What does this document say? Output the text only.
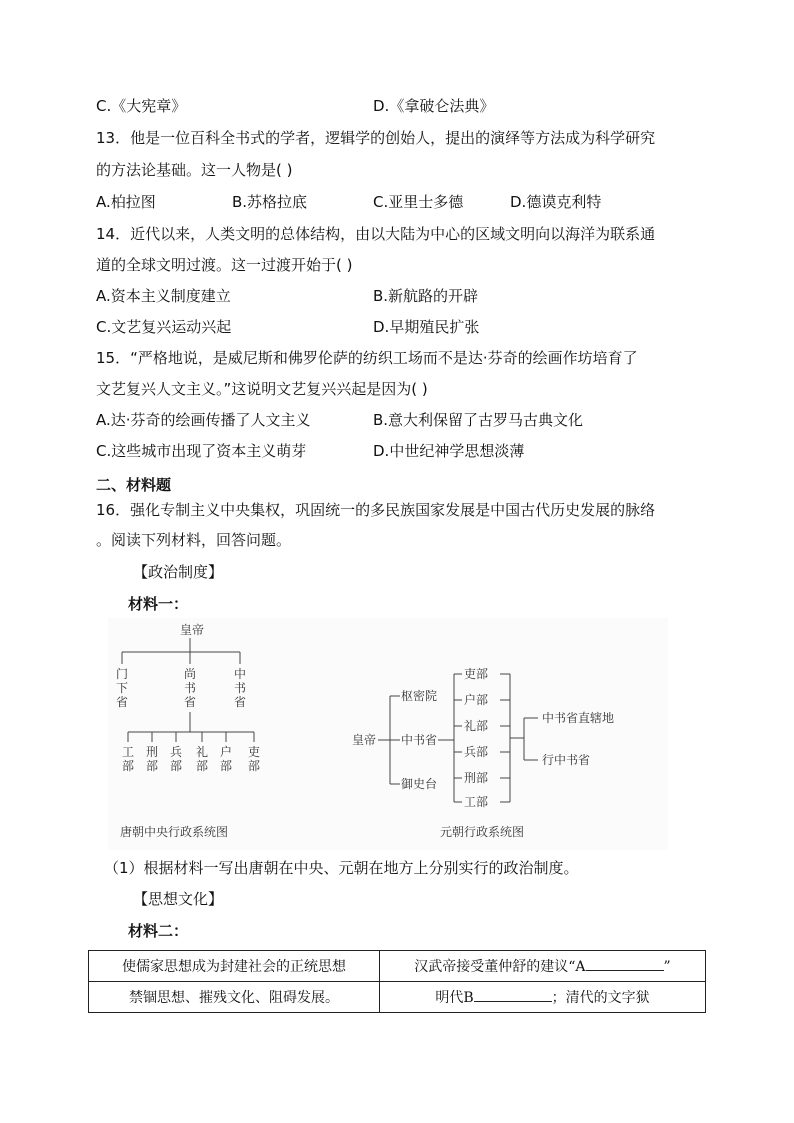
C.《大宪章》	D.《拿破仑法典》
13．他是一位百科全书式的学者，逻辑学的创始人，提出的演绎等方法成为科学研究
的方法论基础。这一人物是( )
A.柏拉图	B.苏格拉底	C.亚里士多德	D.德谟克利特
14．近代以来，人类文明的总体结构，由以大陆为中心的区域文明向以海洋为联系通
道的全球文明过渡。这一过渡开始于( )
A.资本主义制度建立	B.新航路的开辟
C.文艺复兴运动兴起	D.早期殖民扩张
15．“严格地说，是威尼斯和佛罗伦萨的纺织工场而不是达·芬奇的绘画作坊培育了
文艺复兴人文主义。”这说明文艺复兴兴起是因为( )
A.达·芬奇的绘画传播了人文主义	B.意大利保留了古罗马古典文化
C.这些城市出现了资本主义萌芽	D.中世纪神学思想淡薄
二、材料题
16．强化专制主义中央集权，巩固统一的多民族国家发展是中国古代历史发展的脉络
。阅读下列材料，回答问题。
【政治制度】
材料一：
皇帝
门
下
省
尚
书
省
中
书
省
工
部
刑
部
兵
部
礼
部
户
部
吏
部
唐朝中央行政系统图
皇帝
枢密院
中书省
御史台
吏部
户部
礼部
兵部
刑部
工部
中书省直辖地
行中书省
元朝行政系统图
（1）根据材料一写出唐朝在中央、元朝在地方上分别实行的政治制度。
【思想文化】
材料二：
使儒家思想成为封建社会的正统思想	汉武帝接受董仲舒的建议“A ”
禁锢思想、摧残文化、阻碍发展。	明代B ；清代的文字狱
